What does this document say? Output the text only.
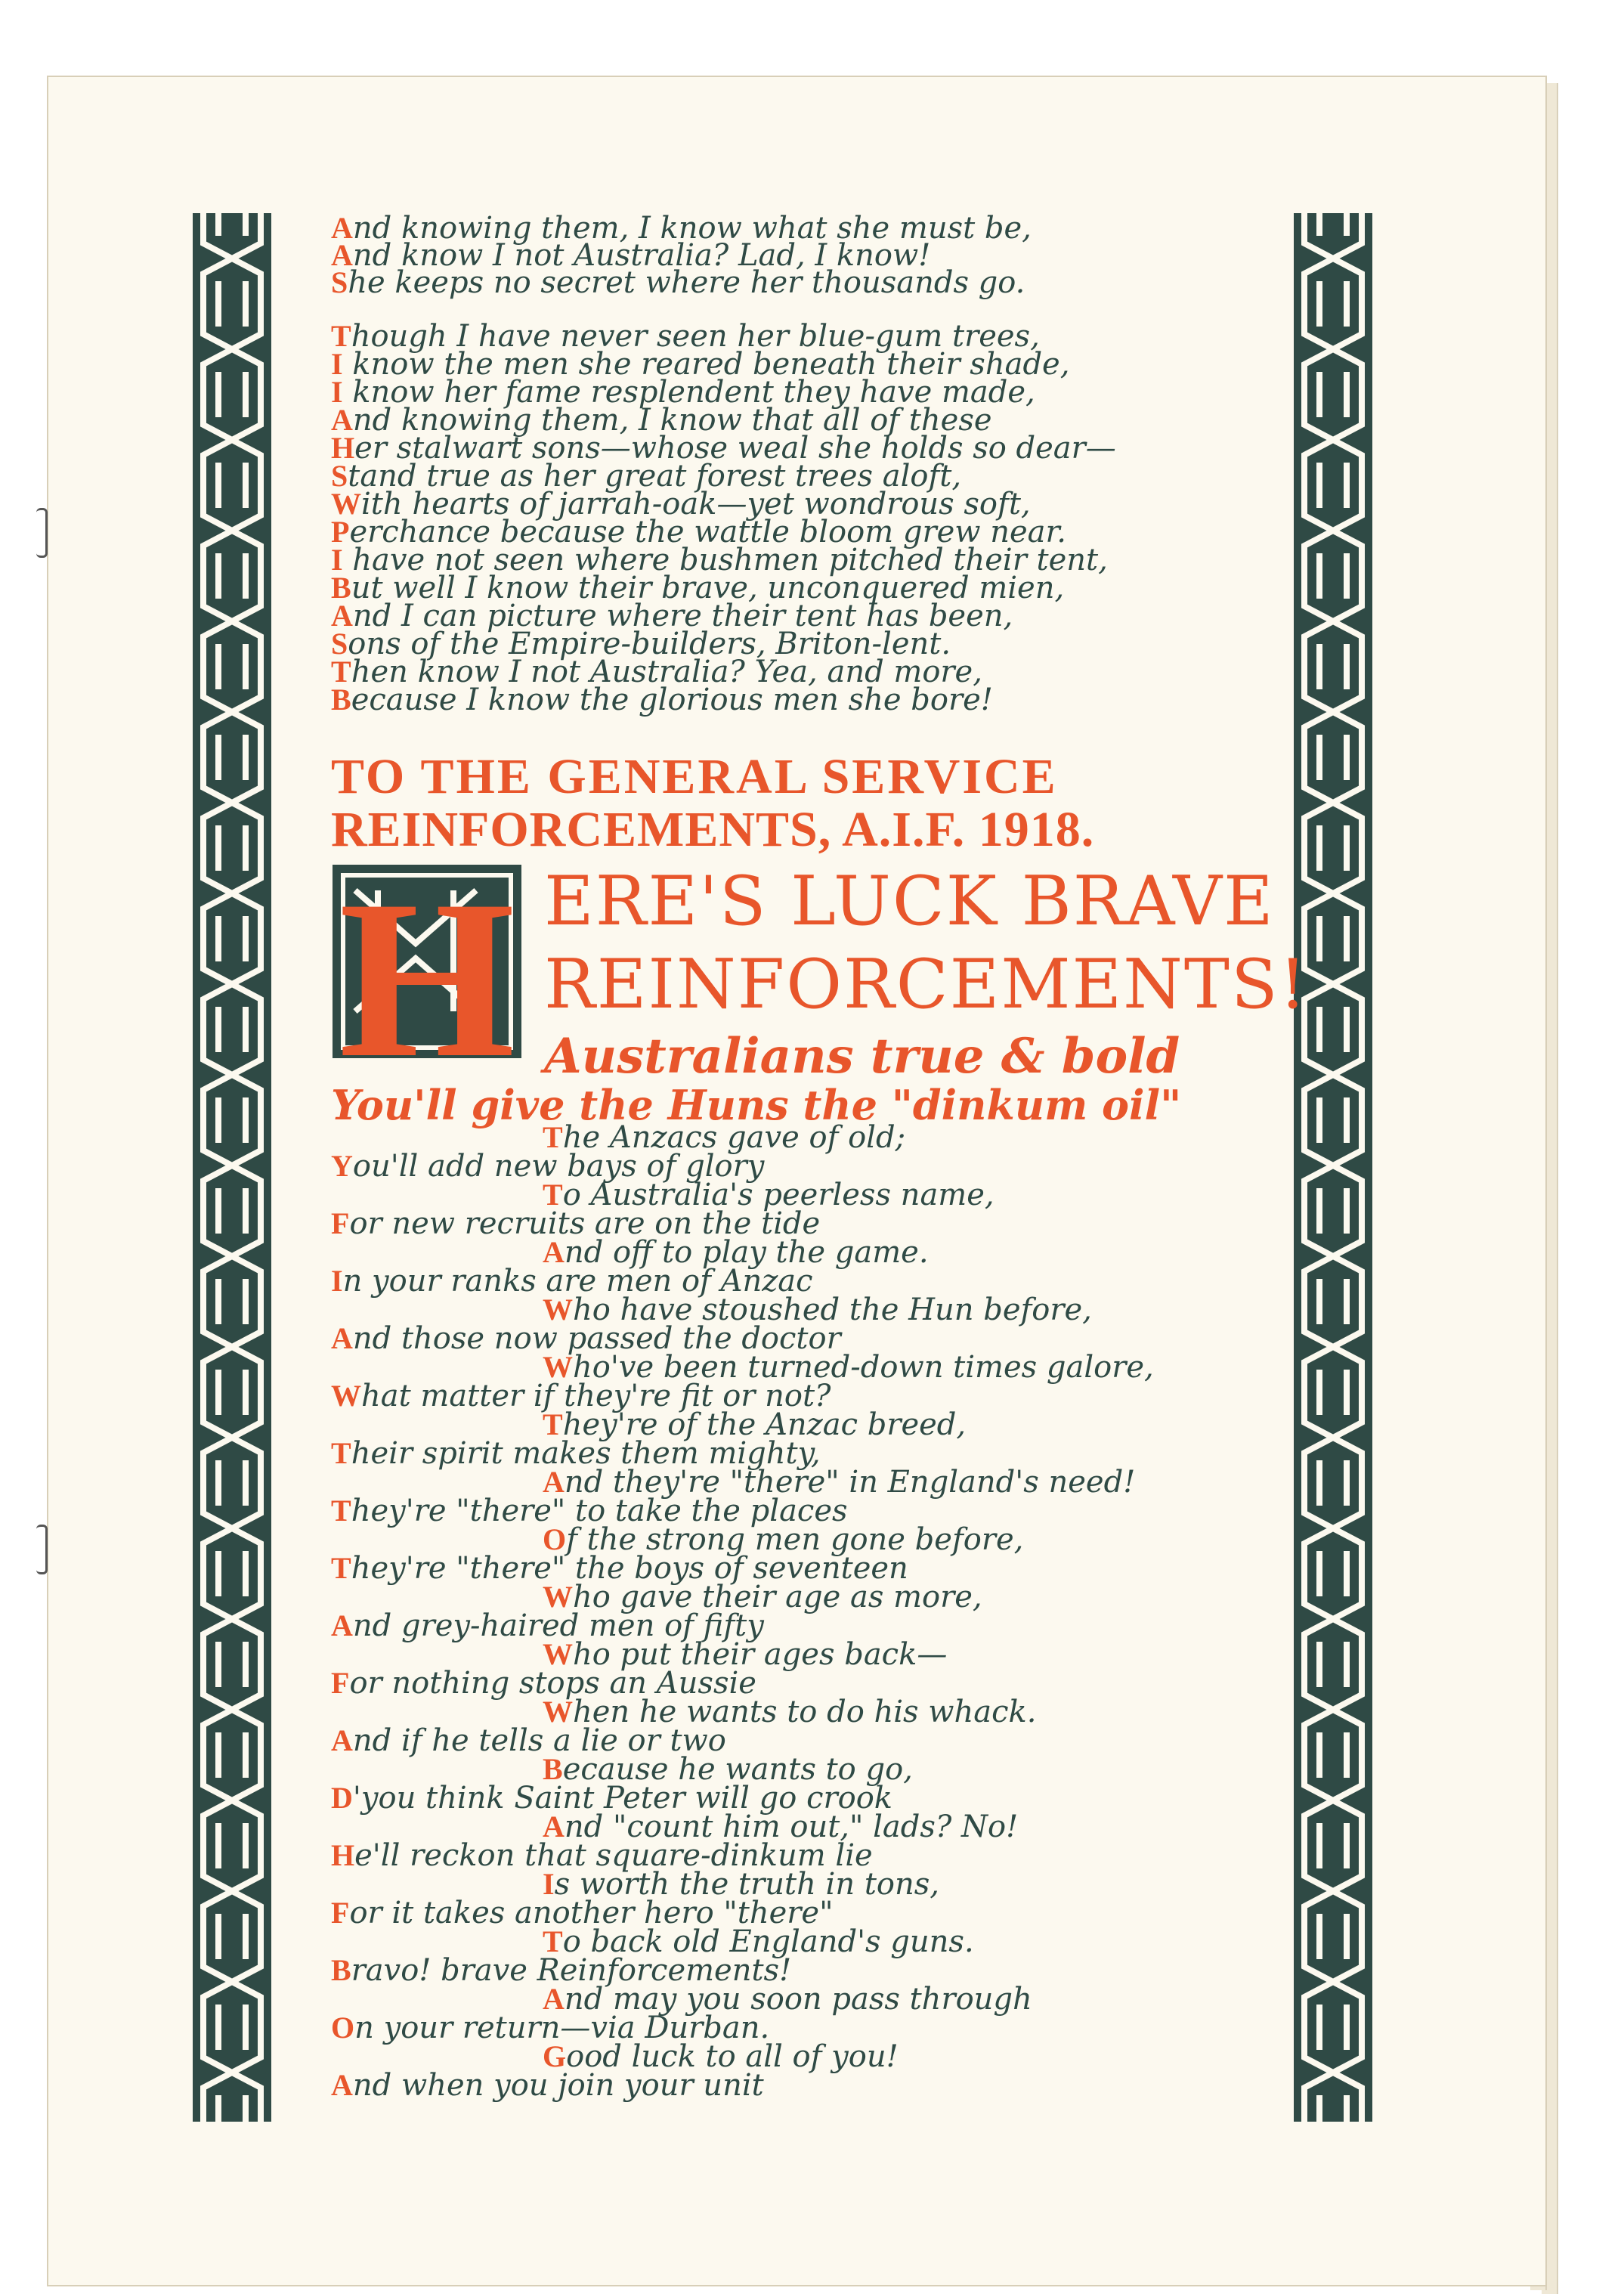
And knowing them, I know what she must be,
And know I not Australia? Lad, I know!
She keeps no secret where her thousands go.
Though I have never seen her blue-gum trees,
I know the men she reared beneath their shade,
I know her fame resplendent they have made,
And knowing them, I know that all of these
Her stalwart sons—whose weal she holds so dear—
Stand true as her great forest trees aloft,
With hearts of jarrah-oak—yet wondrous soft,
Perchance because the wattle bloom grew near.
I have not seen where bushmen pitched their tent,
But well I know their brave, unconquered mien,
And I can picture where their tent has been,
Sons of the Empire-builders, Briton-lent.
Then know I not Australia? Yea, and more,
Because I know the glorious men she bore!
TO THE GENERAL SERVICE
REINFORCEMENTS, A.I.F. 1918.
H ERE'S LUCK BRAVE
REINFORCEMENTS!
Australians true & bold
You'll give the Huns the "dinkum oil"
The Anzacs gave of old;
You'll add new bays of glory
To Australia's peerless name,
For new recruits are on the tide
And off to play the game.
In your ranks are men of Anzac
Who have stoushed the Hun before,
And those now passed the doctor
Who've been turned-down times galore,
What matter if they're fit or not?
They're of the Anzac breed,
Their spirit makes them mighty,
And they're "there" in England's need!
They're "there" to take the places
Of the strong men gone before,
They're "there" the boys of seventeen
Who gave their age as more,
And grey-haired men of fifty
Who put their ages back—
For nothing stops an Aussie
When he wants to do his whack.
And if he tells a lie or two
Because he wants to go,
D'you think Saint Peter will go crook
And "count him out," lads? No!
He'll reckon that square-dinkum lie
Is worth the truth in tons,
For it takes another hero "there"
To back old England's guns.
Bravo! brave Reinforcements!
And may you soon pass through
On your return—via Durban.
Good luck to all of you!
And when you join your unit
